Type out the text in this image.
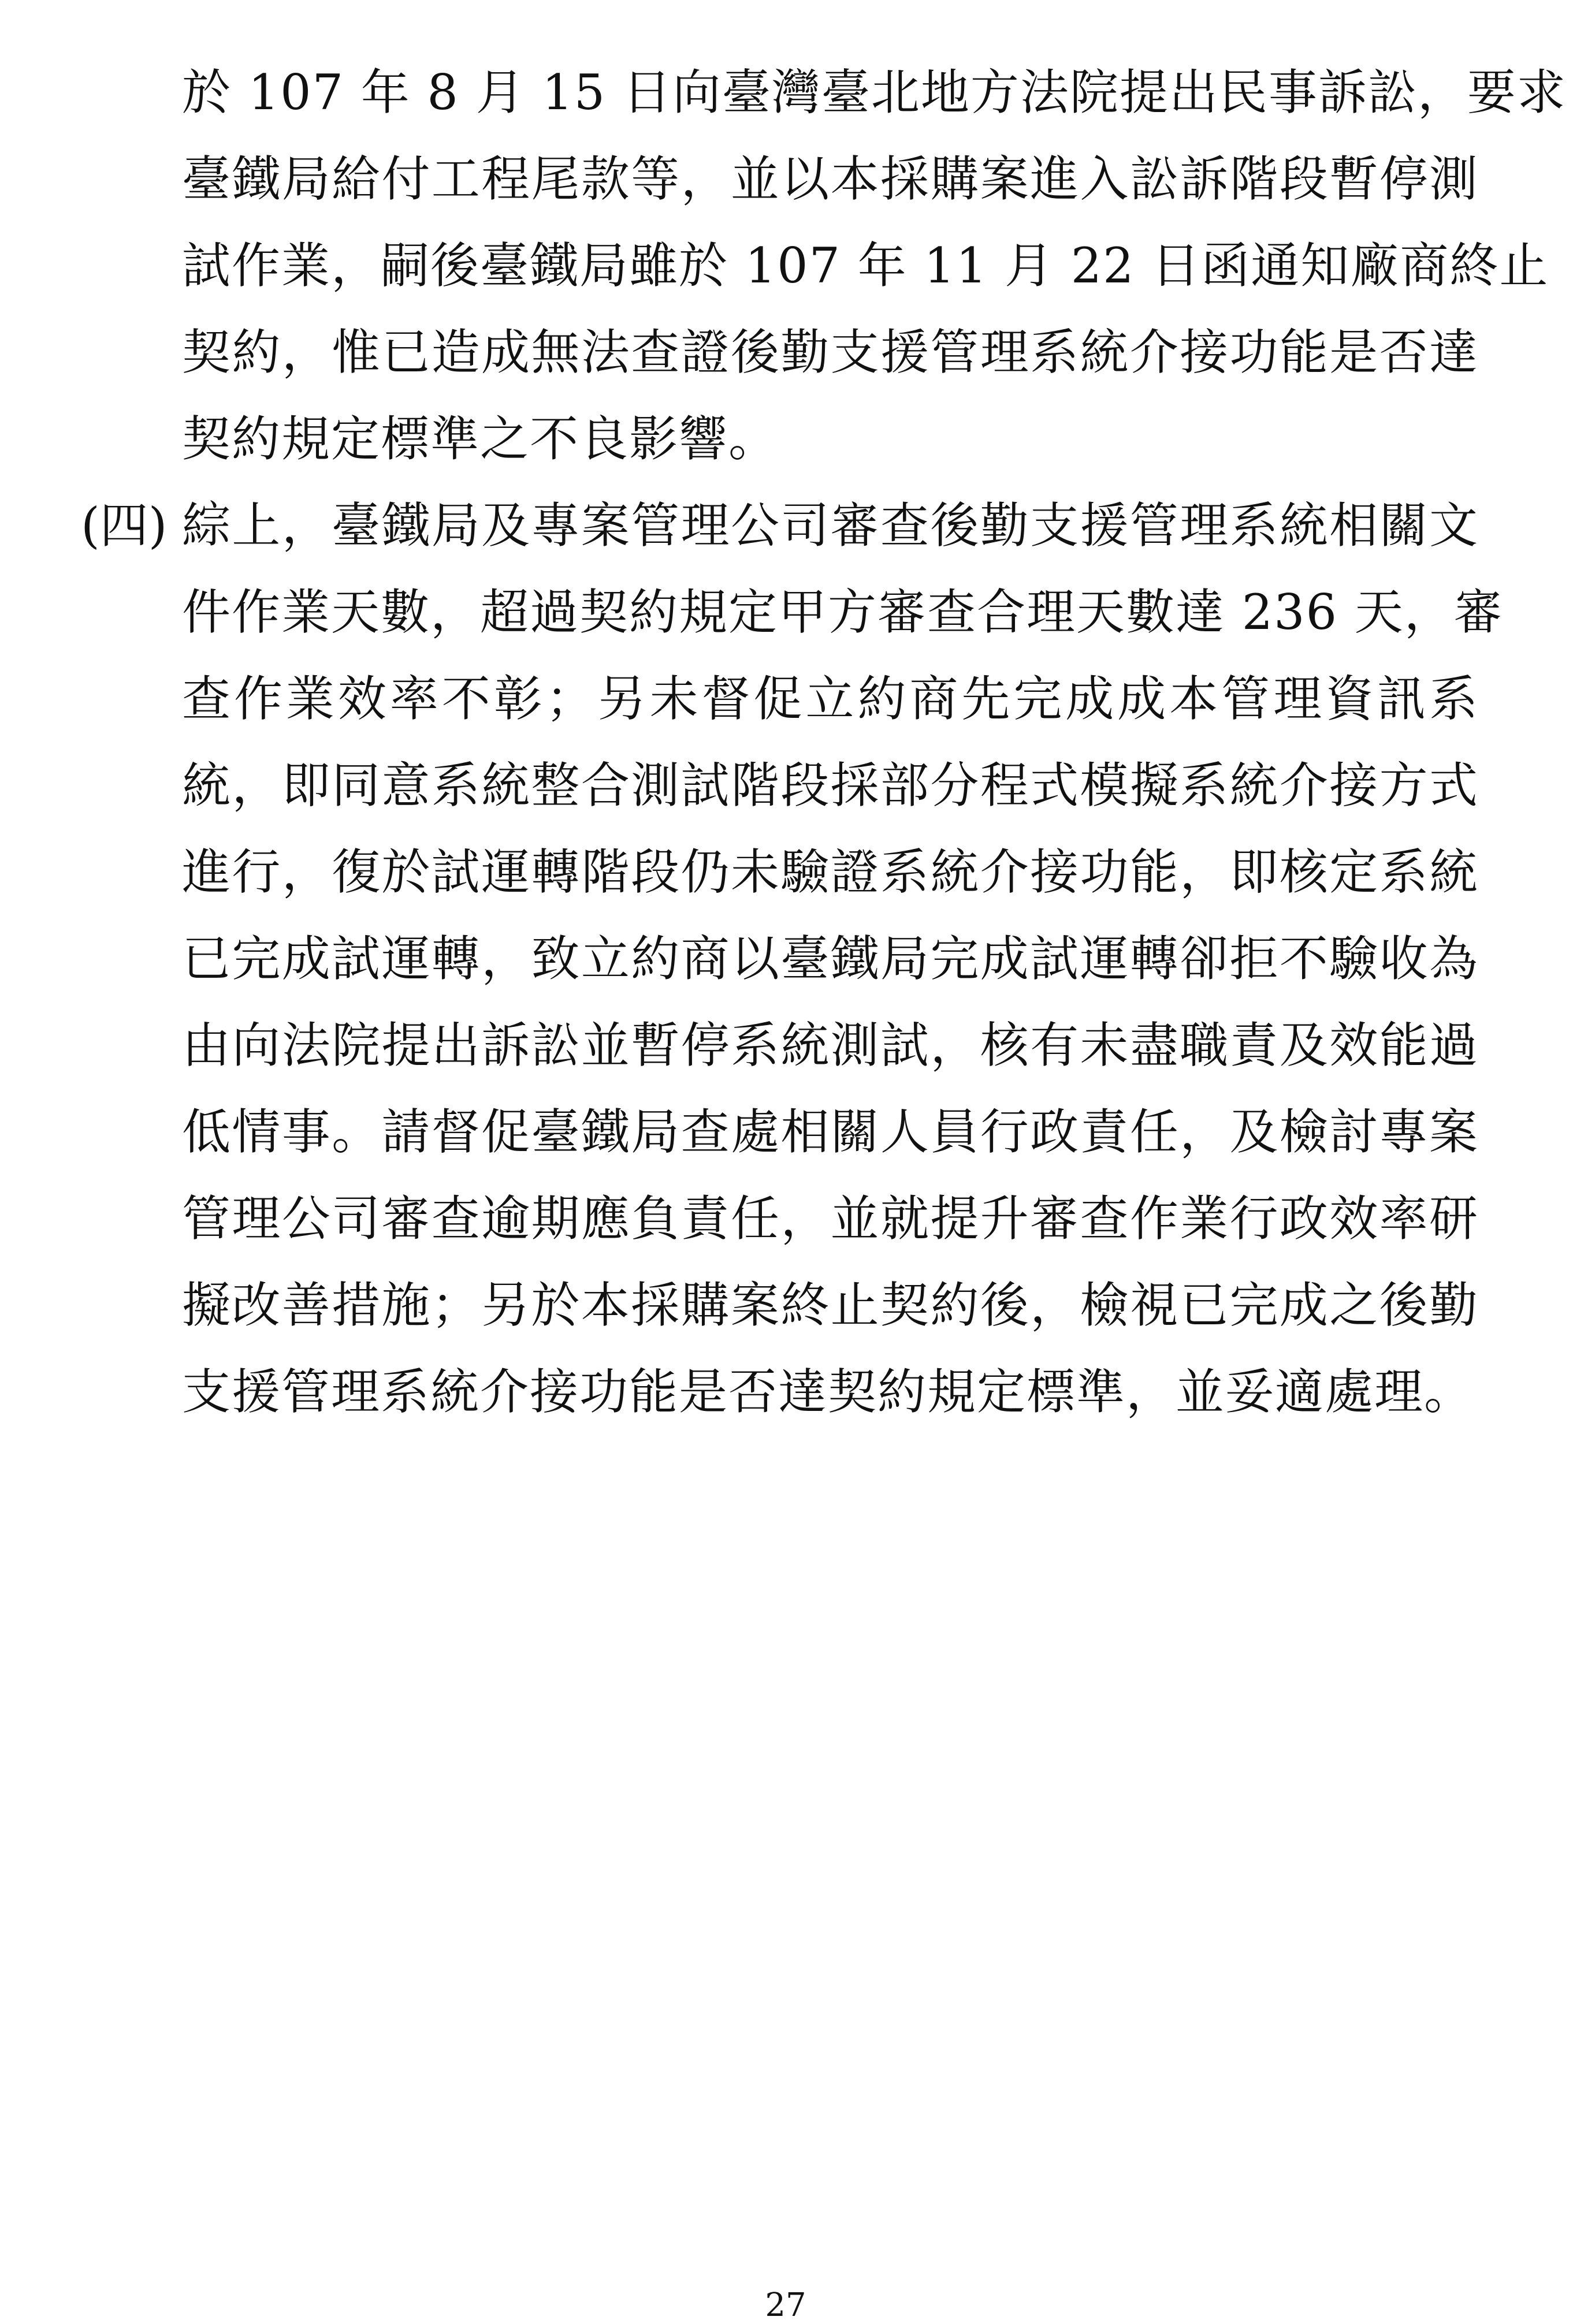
於 107 年 8 月 15 日向臺灣臺北地方法院提出民事訴訟，要求
臺鐵局給付工程尾款等，並以本採購案進入訟訴階段暫停測
試作業，嗣後臺鐵局雖於 107 年 11 月 22 日函通知廠商終止
契約，惟已造成無法查證後勤支援管理系統介接功能是否達
契約規定標準之不良影響。
(四) 綜上，臺鐵局及專案管理公司審查後勤支援管理系統相關文
件作業天數，超過契約規定甲方審查合理天數達 236 天，審
查作業效率不彰；另未督促立約商先完成成本管理資訊系
統，即同意系統整合測試階段採部分程式模擬系統介接方式
進行，復於試運轉階段仍未驗證系統介接功能，即核定系統
已完成試運轉，致立約商以臺鐵局完成試運轉卻拒不驗收為
由向法院提出訴訟並暫停系統測試，核有未盡職責及效能過
低情事。請督促臺鐵局查處相關人員行政責任，及檢討專案
管理公司審查逾期應負責任，並就提升審查作業行政效率研
擬改善措施；另於本採購案終止契約後，檢視已完成之後勤
支援管理系統介接功能是否達契約規定標準，並妥適處理。
27
